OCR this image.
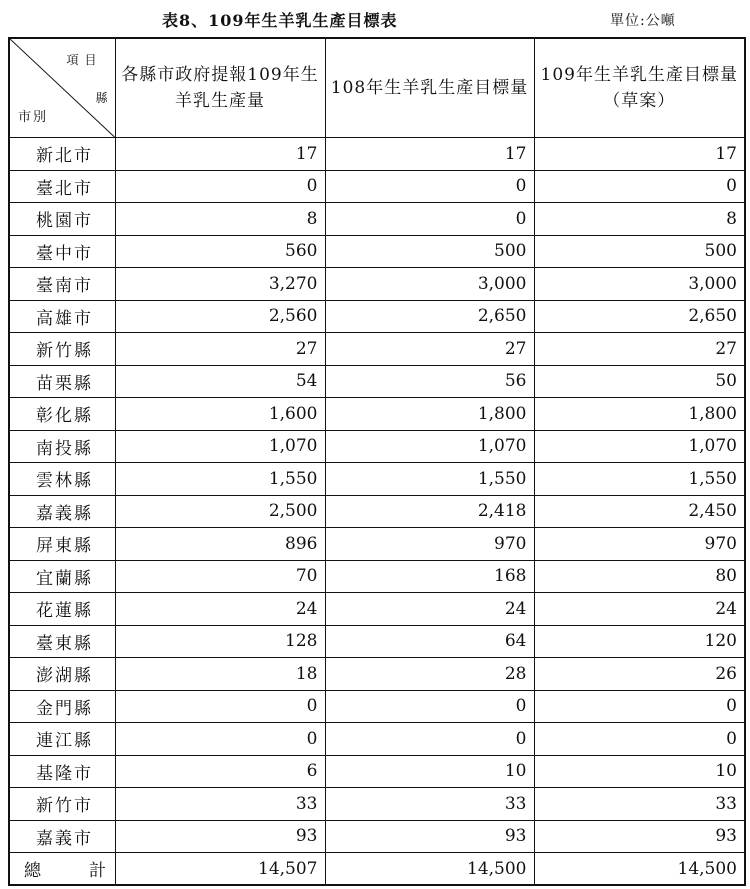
表8、109年生羊乳生產目標表	單位:公噸
項目
縣
市別	各縣市政府提報109年生羊乳生產量	108年生羊乳生產目標量	109年生羊乳生產目標量（草案）
新北市	17	17	17
臺北市	0	0	0
桃園市	8	0	8
臺中市	560	500	500
臺南市	3,270	3,000	3,000
高雄市	2,560	2,650	2,650
新竹縣	27	27	27
苗栗縣	54	56	50
彰化縣	1,600	1,800	1,800
南投縣	1,070	1,070	1,070
雲林縣	1,550	1,550	1,550
嘉義縣	2,500	2,418	2,450
屏東縣	896	970	970
宜蘭縣	70	168	80
花蓮縣	24	24	24
臺東縣	128	64	120
澎湖縣	18	28	26
金門縣	0	0	0
連江縣	0	0	0
基隆市	6	10	10
新竹市	33	33	33
嘉義市	93	93	93
總 計	14,507	14,500	14,500
